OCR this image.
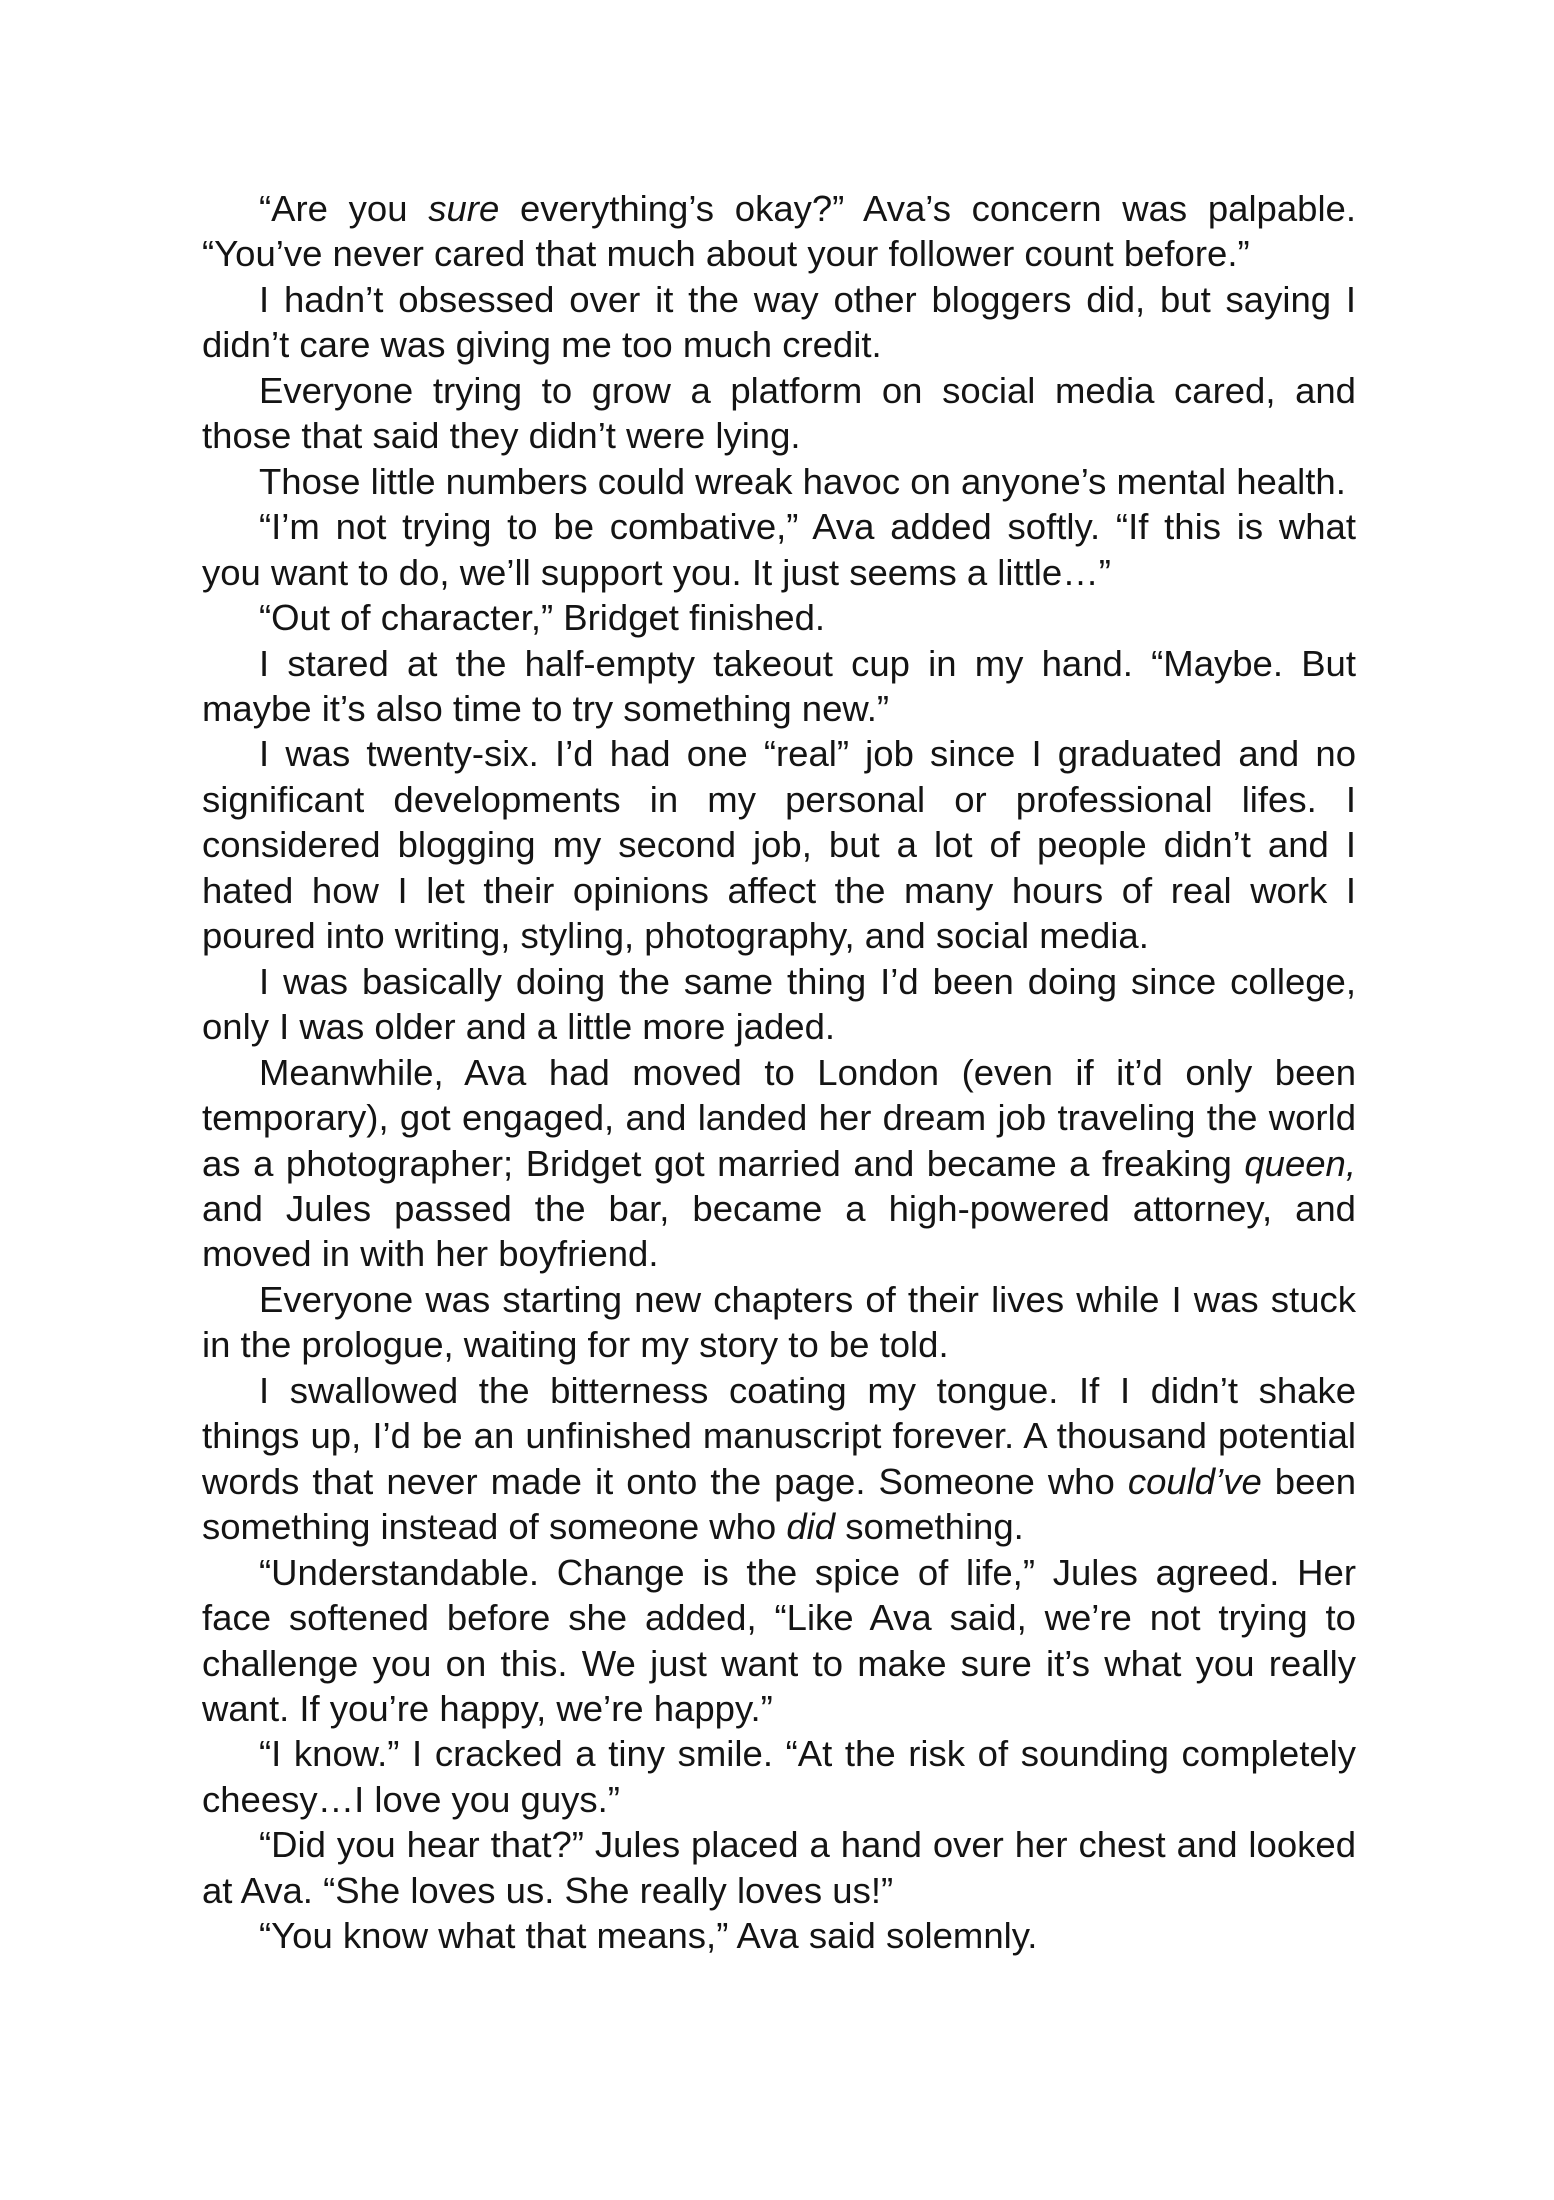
“Are you sure everything’s okay?” Ava’s concern was palpable. “You’ve never cared that much about your follower count before.”

I hadn’t obsessed over it the way other bloggers did, but saying I didn’t care was giving me too much credit.

Everyone trying to grow a platform on social media cared, and those that said they didn’t were lying.

Those little numbers could wreak havoc on anyone’s mental health.

“I’m not trying to be combative,” Ava added softly. “If this is what you want to do, we’ll support you. It just seems a little…”

“Out of character,” Bridget finished.

I stared at the half-empty takeout cup in my hand. “Maybe. But maybe it’s also time to try something new.”

I was twenty-six. I’d had one “real” job since I graduated and no significant developments in my personal or professional lifes. I considered blogging my second job, but a lot of people didn’t and I hated how I let their opinions affect the many hours of real work I poured into writing, styling, photography, and social media.

I was basically doing the same thing I’d been doing since college, only I was older and a little more jaded.

Meanwhile, Ava had moved to London (even if it’d only been temporary), got engaged, and landed her dream job traveling the world as a photographer; Bridget got married and became a freaking queen, and Jules passed the bar, became a high-powered attorney, and moved in with her boyfriend.

Everyone was starting new chapters of their lives while I was stuck in the prologue, waiting for my story to be told.

I swallowed the bitterness coating my tongue. If I didn’t shake things up, I’d be an unfinished manuscript forever. A thousand potential words that never made it onto the page. Someone who could’ve been something instead of someone who did something.

“Understandable. Change is the spice of life,” Jules agreed. Her face softened before she added, “Like Ava said, we’re not trying to challenge you on this. We just want to make sure it’s what you really want. If you’re happy, we’re happy.”

“I know.” I cracked a tiny smile. “At the risk of sounding completely cheesy…I love you guys.”

“Did you hear that?” Jules placed a hand over her chest and looked at Ava. “She loves us. She really loves us!”

“You know what that means,” Ava said solemnly.
